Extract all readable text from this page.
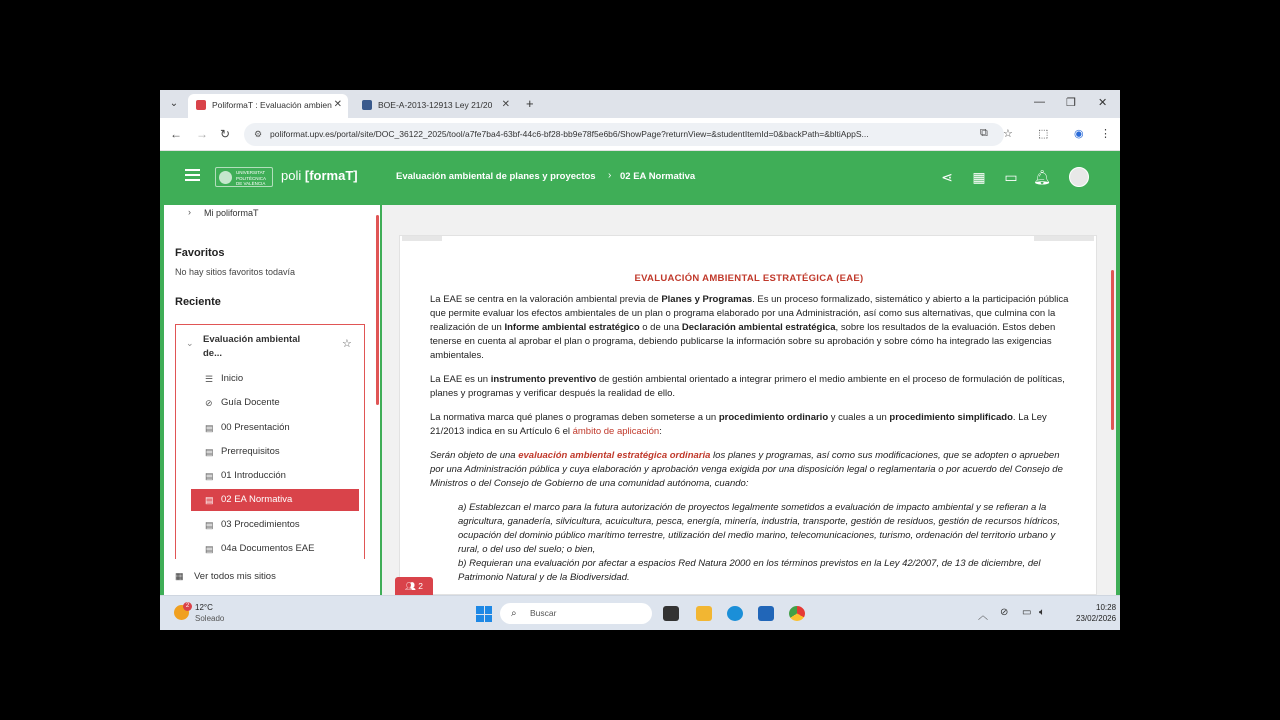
⌄	PoliformaT : Evaluación ambien ✕	BOE-A-2013-12913 Ley 21/20 ✕ +	— ❐ ✕
← → ↻	⚙ poliformat.upv.es/portal/site/DOC_36122_2025/tool/a7fe7ba4-63bf-44c6-bf28-bb9e78f5e6b6/ShowPage?returnView=&studentItemId=0&backPath=&bltiAppS...	⧉ ☆ ⬚ ◉ ⋮
UNIVERSITAT POLITÈCNICA DE VALÈNCIA
poli [formaT]	Evaluación ambiental de planes y proyectos › 02 EA Normativa	⋖ ▦ ▭ 🔔︎
› Mi poliformaT
Favoritos
No hay sitios favoritos todavía
Reciente
⌄ Evaluación ambiental de...
☆
☰ Inicio
⊘ Guía Docente
▤ 00 Presentación
▤ Prerrequisitos
▤ 01 Introducción
▤ 02 EA Normativa
▤ 03 Procedimientos
▤ 04a Documentos EAE
▦ Ver todos mis sitios
EVALUACIÓN AMBIENTAL ESTRATÉGICA (EAE)

La EAE se centra en la valoración ambiental previa de Planes y Programas. Es un proceso formalizado, sistemático y abierto a la participación pública que permite evaluar los efectos ambientales de un plan o programa elaborado por una Administración, así como sus alternativas, que culmina con la realización de un Informe ambiental estratégico o de una Declaración ambiental estratégica, sobre los resultados de la evaluación. Estos deben tenerse en cuenta al aprobar el plan o programa, debiendo publicarse la información sobre su aprobación y sobre cómo ha integrado las exigencias ambientales.

La EAE es un instrumento preventivo de gestión ambiental orientado a integrar primero el medio ambiente en el proceso de formulación de políticas, planes y programas y verificar después la realidad de ello.

La normativa marca qué planes o programas deben someterse a un procedimiento ordinario y cuales a un procedimiento simplificado. La Ley 21/2013 indica en su Artículo 6 el ámbito de aplicación:

Serán objeto de una evaluación ambiental estratégica ordinaria los planes y programas, así como sus modificaciones, que se adopten o aprueben por una Administración pública y cuya elaboración y aprobación venga exigida por una disposición legal o reglamentaria o por acuerdo del Consejo de Ministros o del Consejo de Gobierno de una comunidad autónoma, cuando:

a) Establezcan el marco para la futura autorización de proyectos legalmente sometidos a evaluación de impacto ambiental y se refieran a la agricultura, ganadería, silvicultura, acuicultura, pesca, energía, minería, industria, transporte, gestión de residuos, gestión de recursos hídricos, ocupación del dominio público marítimo terrestre, utilización del medio marino, telecomunicaciones, turismo, ordenación del territorio urbano y rural, o del uso del suelo; o bien,

b) Requieran una evaluación por afectar a espacios Red Natura 2000 en los términos previstos en la Ley 42/2007, de 13 de diciembre, del Patrimonio Natural y de la Biodiversidad.

👥︎ 2
2 12°C
Soleado	⌕ Buscar	︿ ⊘ ▭ 🔈︎	10:28
23/02/2026
